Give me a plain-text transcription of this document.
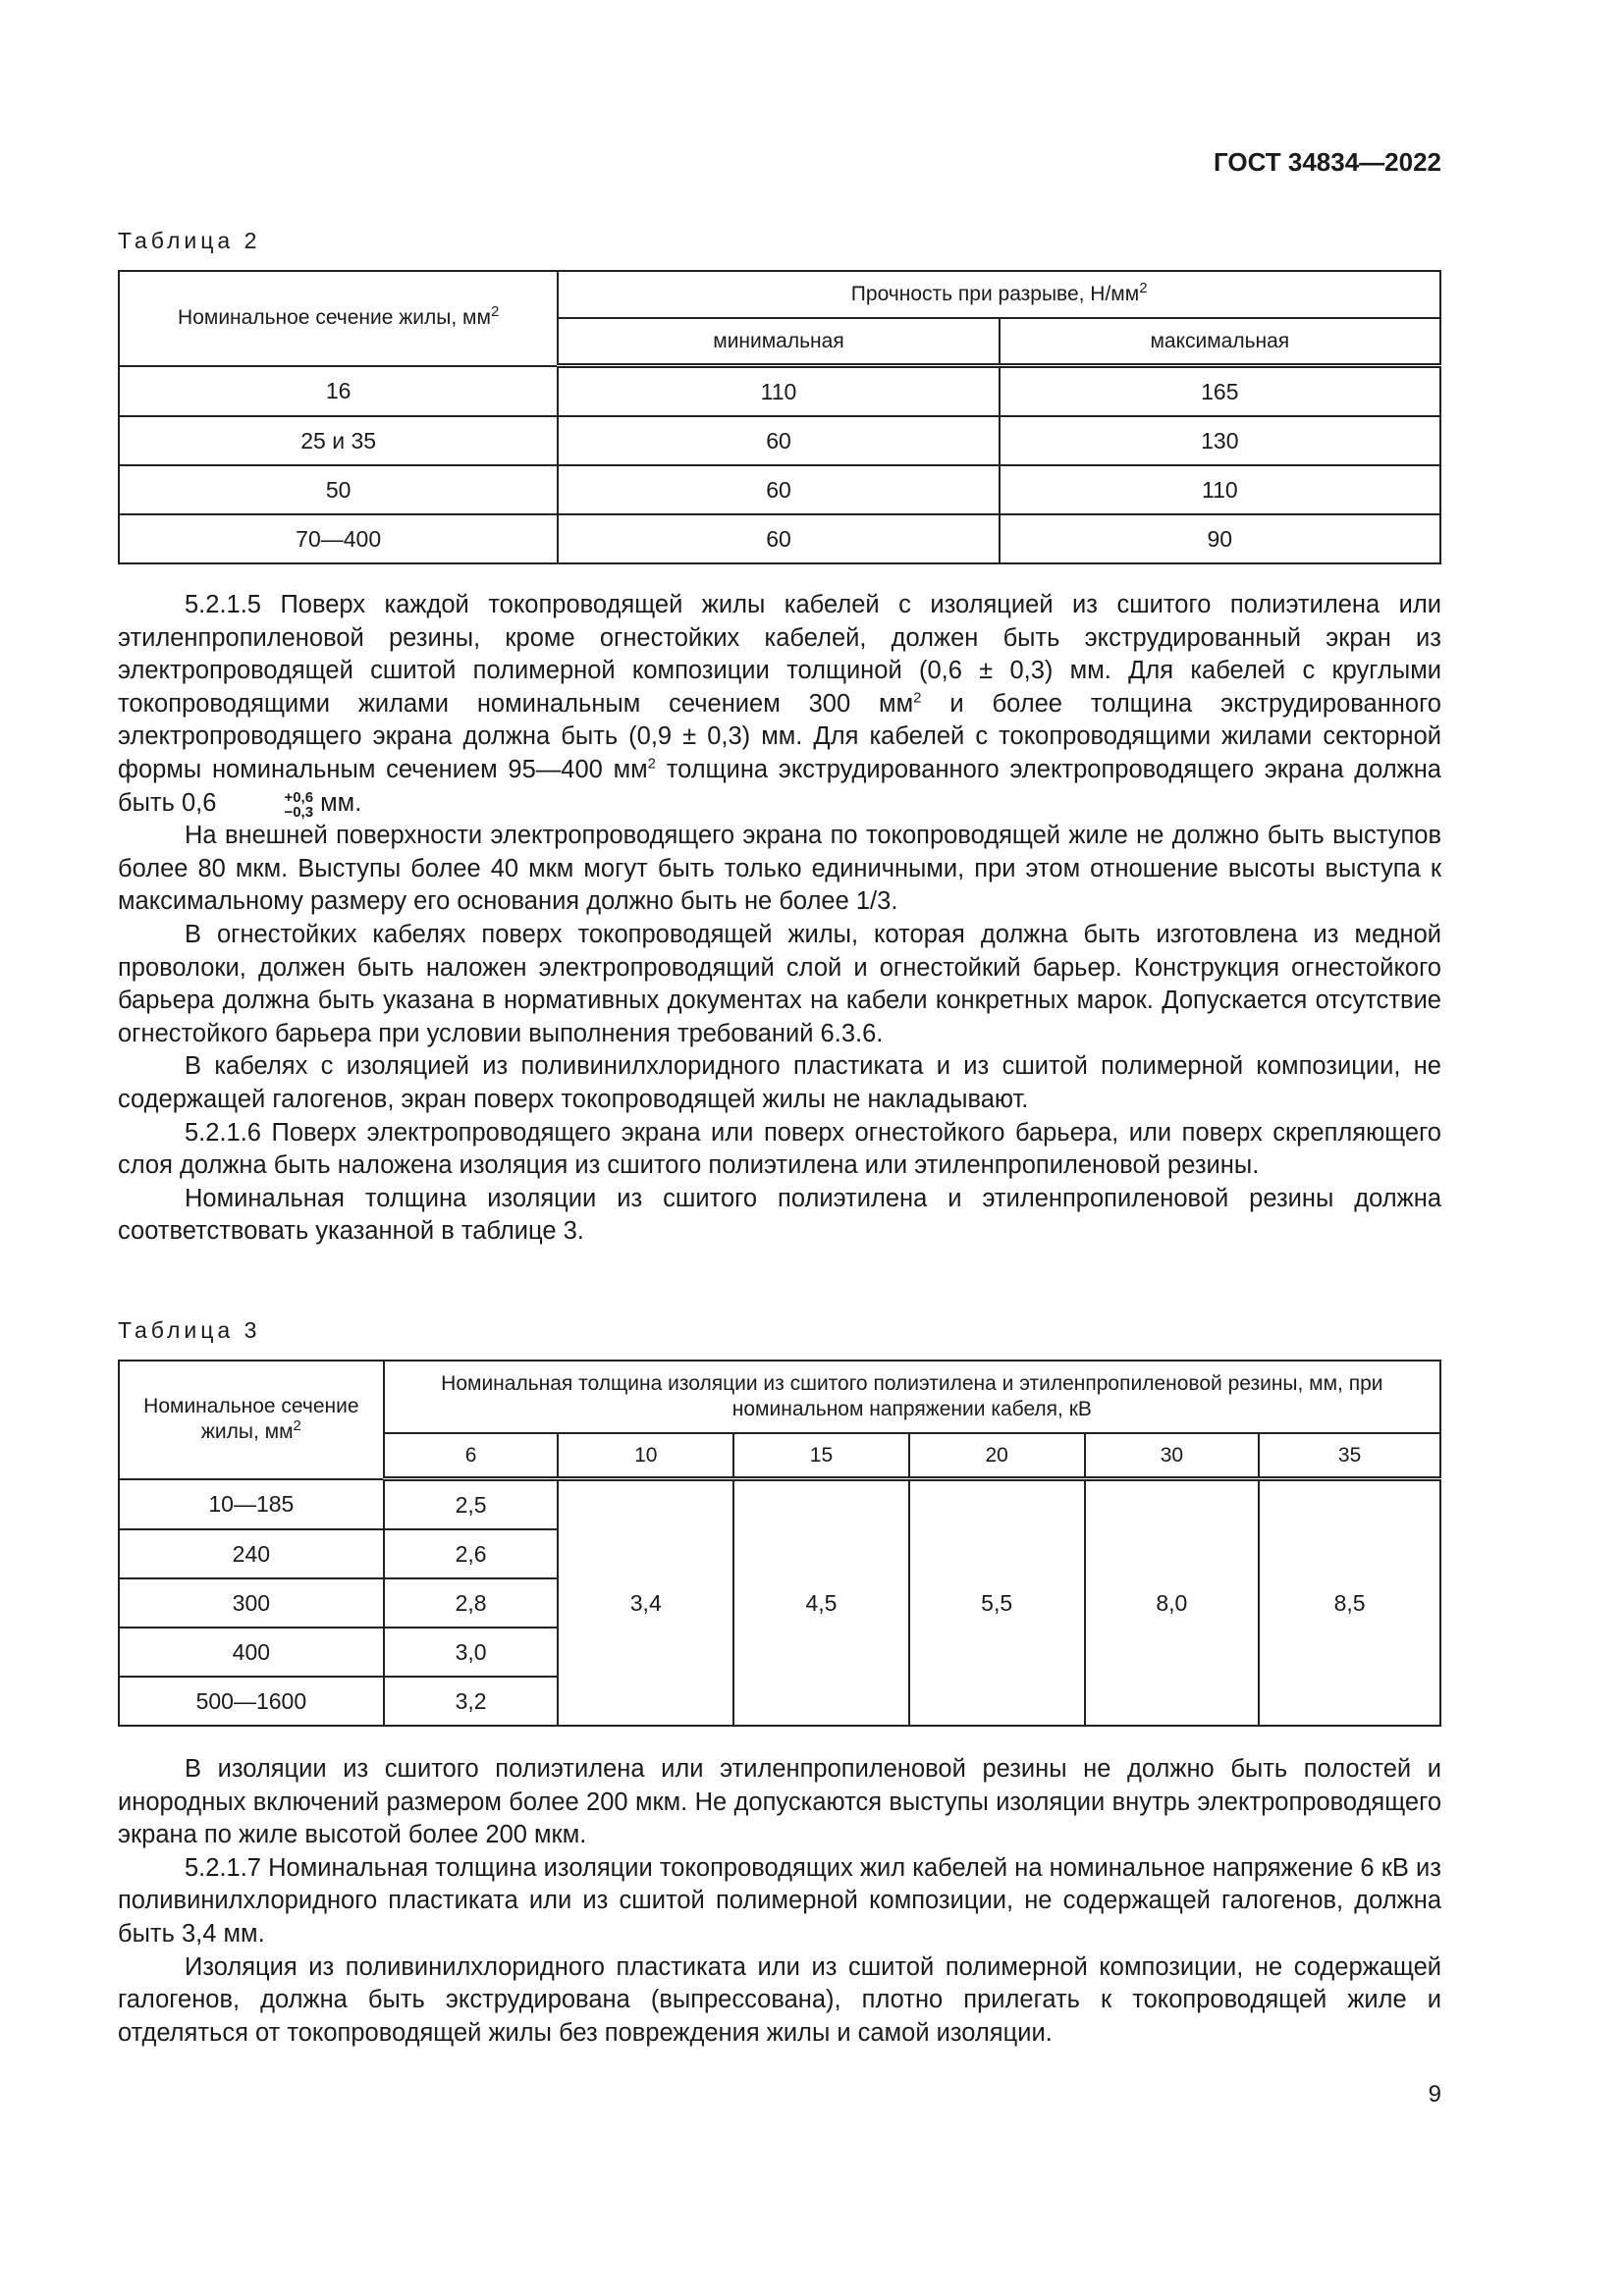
ГОСТ 34834—2022
Таблица 2
Номинальное сечение жилы, $мм^2$	Прочность при разрыве, $Н/мм^2$
	минимальная	максимальная
16	110	165
25 и 35	60	130
50	60	110
70—400	60	90

5.2.1.5 Поверх каждой токопроводящей жилы кабелей с изоляцией из сшитого полиэтилена или этиленпропиленовой резины, кроме огнестойких кабелей, должен быть экструдированный экран из электропроводящей сшитой полимерной композиции толщиной (0,6 ± 0,3) мм. Для кабелей с круглыми токопроводящими жилами номинальным сечением 300 $мм^2$ и более толщина экструдированного электропроводящего экрана должна быть (0,9 ± 0,3) мм. Для кабелей с токопроводящими жилами секторной формы номинальным сечением 95—400 $мм^2$ толщина экструдированного электропроводящего экрана должна быть 0,6	+0,6
−0,3 мм.

На внешней поверхности электропроводящего экрана по токопроводящей жиле не должно быть выступов более 80 мкм. Выступы более 40 мкм могут быть только единичными, при этом отношение высоты выступа к максимальному размеру его основания должно быть не более 1/3.

В огнестойких кабелях поверх токопроводящей жилы, которая должна быть изготовлена из медной проволоки, должен быть наложен электропроводящий слой и огнестойкий барьер. Конструкция огнестойкого барьера должна быть указана в нормативных документах на кабели конкретных марок. Допускается отсутствие огнестойкого барьера при условии выполнения требований 6.3.6.

В кабелях с изоляцией из поливинилхлоридного пластиката и из сшитой полимерной композиции, не содержащей галогенов, экран поверх токопроводящей жилы не накладывают.

5.2.1.6 Поверх электропроводящего экрана или поверх огнестойкого барьера, или поверх скрепляющего слоя должна быть наложена изоляция из сшитого полиэтилена или этиленпропиленовой резины.

Номинальная толщина изоляции из сшитого полиэтилена и этиленпропиленовой резины должна соответствовать указанной в таблице 3.

Таблица 3
Номинальное сечение жилы, $мм^2$	Номинальная толщина изоляции из сшитого полиэтилена и этиленпропиленовой резины, мм, при номинальном напряжении кабеля, кВ					
	6	10	15	20	30	35
10—185	2,5	3,4	4,5	5,5	8,0	8,5
240	2,6					
300	2,8					
400	3,0					
500—1600	3,2					

В изоляции из сшитого полиэтилена или этиленпропиленовой резины не должно быть полостей и инородных включений размером более 200 мкм. Не допускаются выступы изоляции внутрь электропроводящего экрана по жиле высотой более 200 мкм.

5.2.1.7 Номинальная толщина изоляции токопроводящих жил кабелей на номинальное напряжение 6 кВ из поливинилхлоридного пластиката или из сшитой полимерной композиции, не содержащей галогенов, должна быть 3,4 мм.

Изоляция из поливинилхлоридного пластиката или из сшитой полимерной композиции, не содержащей галогенов, должна быть экструдирована (выпрессована), плотно прилегать к токопроводящей жиле и отделяться от токопроводящей жилы без повреждения жилы и самой изоляции.

9
